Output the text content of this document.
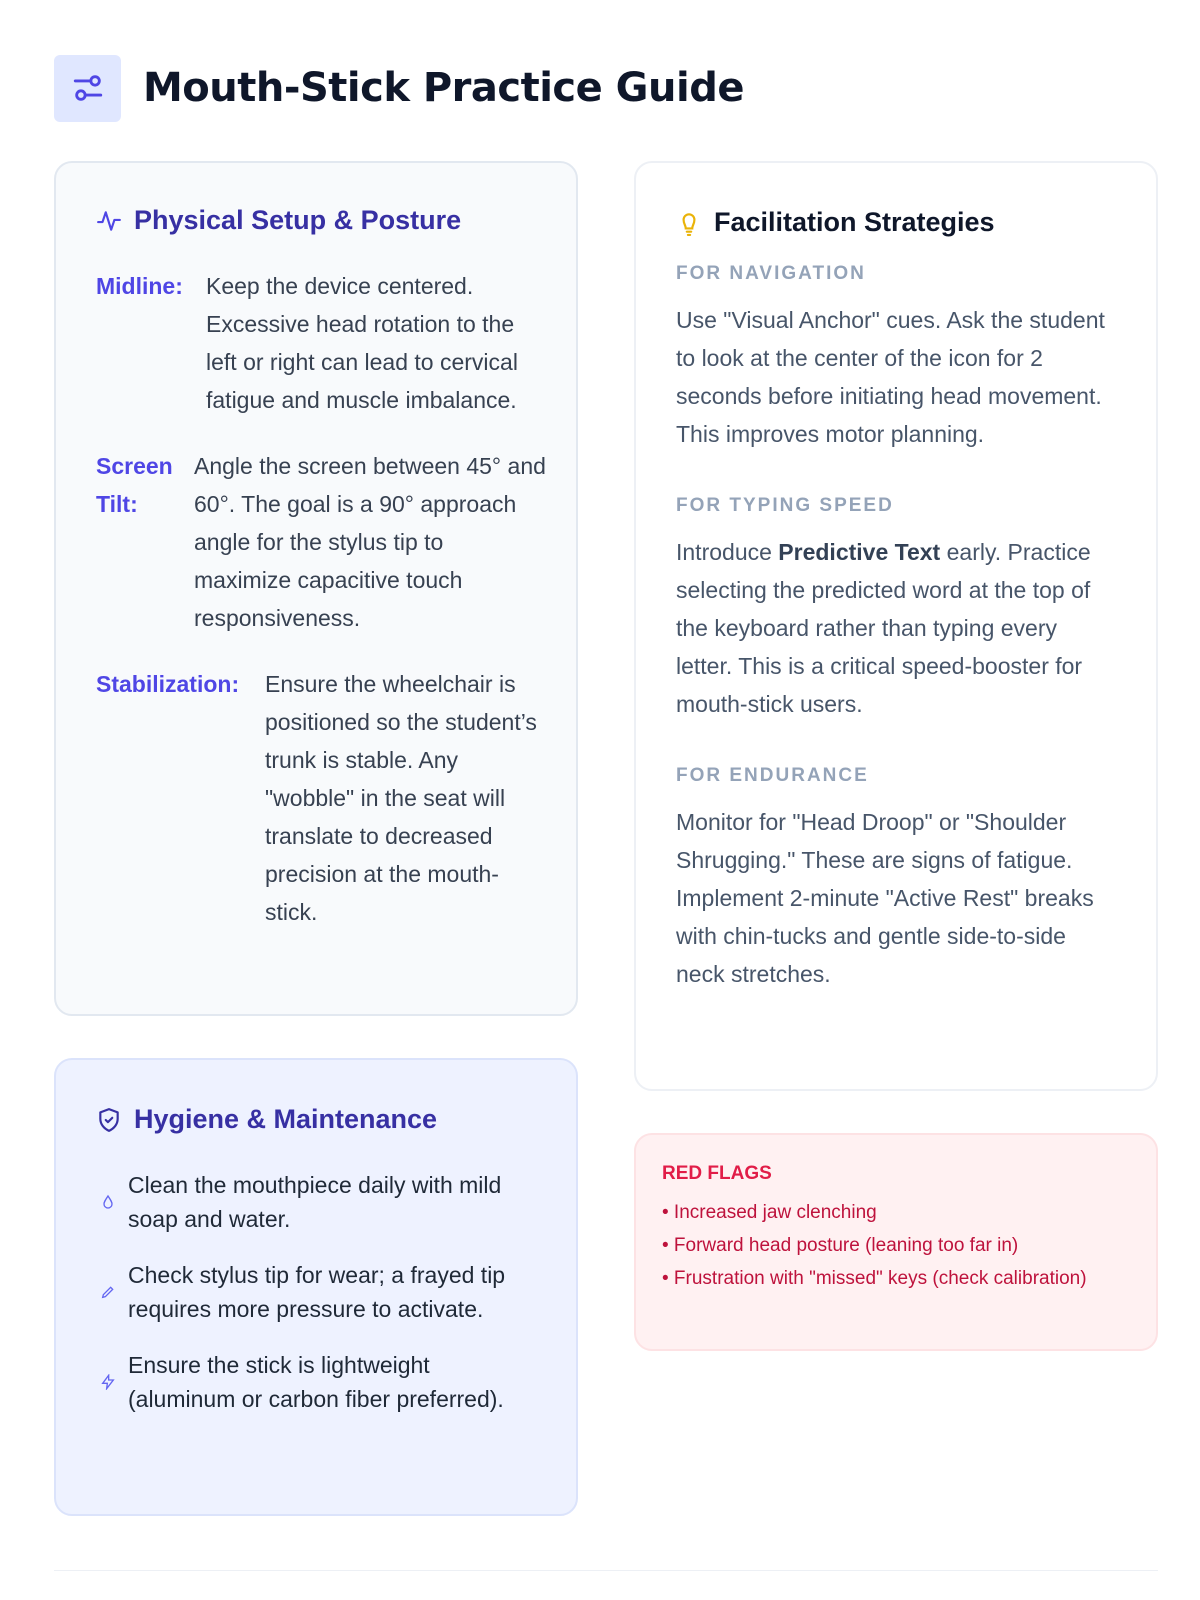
Mouth-Stick Practice Guide
Physical Setup & Posture
Midline:	Keep the device centered. Excessive head rotation to the left or right can lead to cervical fatigue and muscle imbalance.
Screen Tilt:
Angle the screen between 45° and 60°. The goal is a 90° approach angle for the stylus tip to maximize capacitive touch responsiveness.
Stabilization:	Ensure the wheelchair is positioned so the student’s trunk is stable. Any "wobble" in the seat will translate to decreased precision at the mouth-stick.
Hygiene & Maintenance
Clean the mouthpiece daily with mild soap and water.
Check stylus tip for wear; a frayed tip requires more pressure to activate.
Ensure the stick is lightweight (aluminum or carbon fiber preferred).
Facilitation Strategies
FOR NAVIGATION

Use "Visual Anchor" cues. Ask the student to look at the center of the icon for 2 seconds before initiating head movement. This improves motor planning.

FOR TYPING SPEED

Introduce Predictive Text early. Practice selecting the predicted word at the top of the keyboard rather than typing every letter. This is a critical speed-booster for mouth-stick users.

FOR ENDURANCE

Monitor for "Head Droop" or "Shoulder Shrugging." These are signs of fatigue. Implement 2-minute "Active Rest" breaks with chin-tucks and gentle side-to-side neck stretches.

RED FLAGS
• Increased jaw clenching
• Forward head posture (leaning too far in)
• Frustration with "missed" keys (check calibration)
